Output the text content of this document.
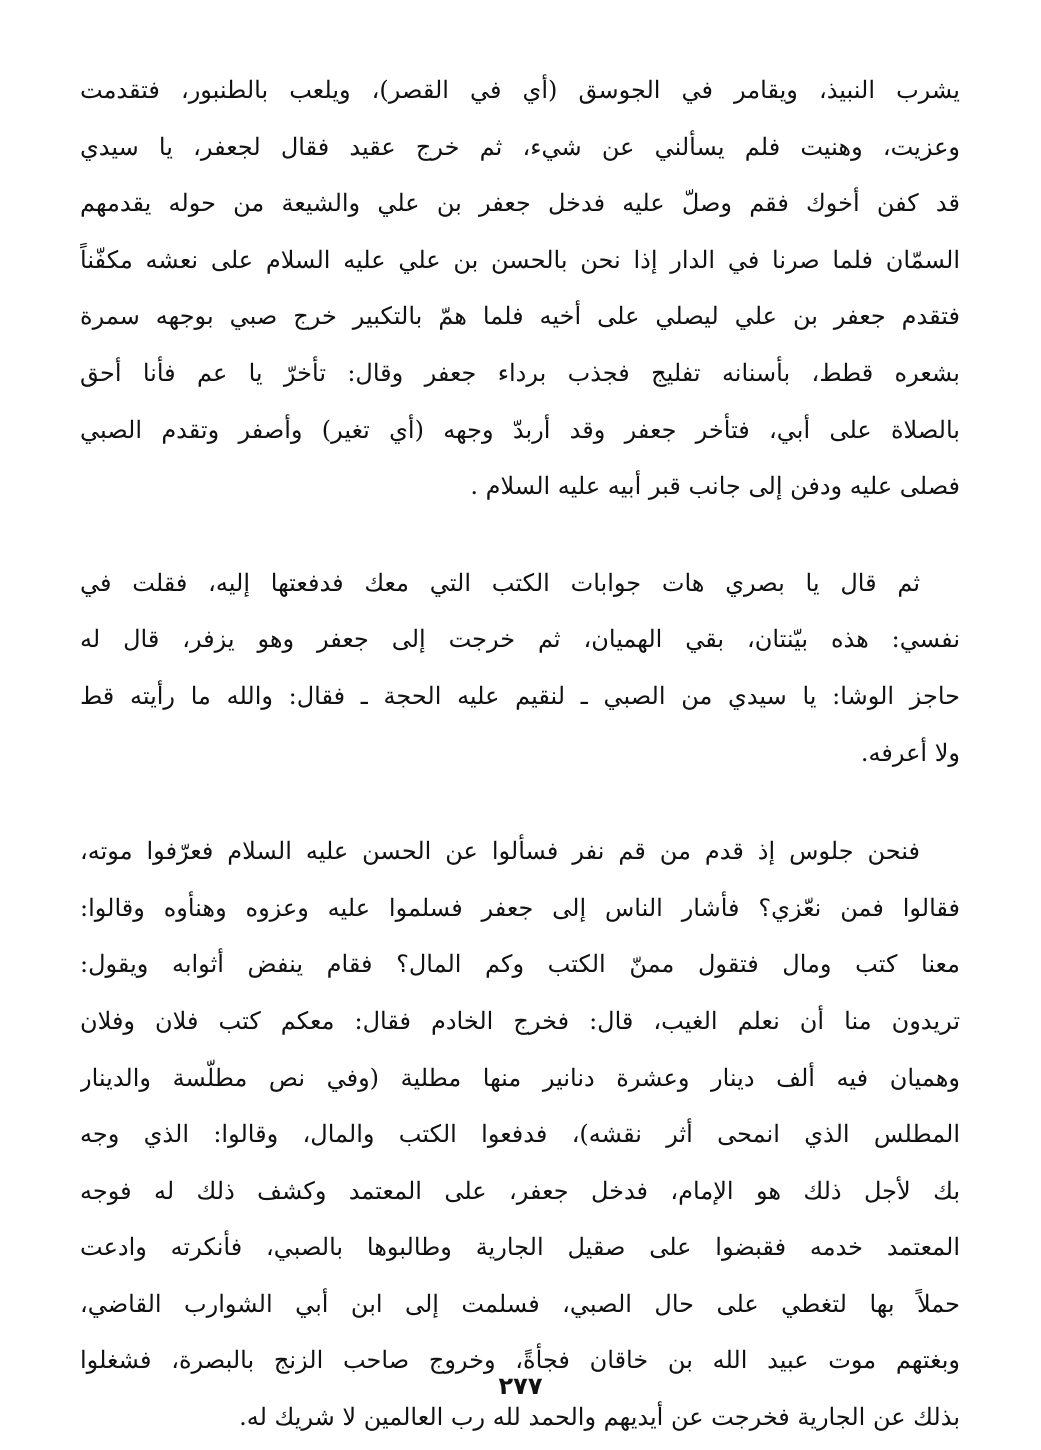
يشرب النبيذ، ويقامر في الجوسق (أي في القصر)، ويلعب بالطنبور، فتقدمت
وعزيت، وهنيت فلم يسألني عن شيء، ثم خرج عقيد فقال لجعفر، يا سيدي
قد كفن أخوك فقم وصلّ عليه فدخل جعفر بن علي والشيعة من حوله يقدمهم
السمّان فلما صرنا في الدار إذا نحن بالحسن بن علي عليه السلام على نعشه مكفّناً
فتقدم جعفر بن علي ليصلي على أخيه فلما همّ بالتكبير خرج صبي بوجهه سمرة
بشعره قطط، بأسنانه تفليج فجذب برداء جعفر وقال: تأخرّ يا عم فأنا أحق
بالصلاة على أبي، فتأخر جعفر وقد أربدّ وجهه (أي تغير) وأصفر وتقدم الصبي
فصلى عليه ودفن إلى جانب قبر أبيه عليه السلام .
ثم قال يا بصري هات جوابات الكتب التي معك فدفعتها إليه، فقلت في
نفسي: هذه بيّنتان، بقي الهميان، ثم خرجت إلى جعفر وهو يزفر، قال له
حاجز الوشا: يا سيدي من الصبي ـ لنقيم عليه الحجة ـ فقال: والله ما رأيته قط
ولا أعرفه.
فنحن جلوس إذ قدم من قم نفر فسألوا عن الحسن عليه السلام فعرّفوا موته،
فقالوا فمن نعّزي؟ فأشار الناس إلى جعفر فسلموا عليه وعزوه وهنأوه وقالوا:
معنا كتب ومال فتقول ممنّ الكتب وكم المال؟ فقام ينفض أثوابه ويقول:
تريدون منا أن نعلم الغيب، قال: فخرج الخادم فقال: معكم كتب فلان وفلان
وهميان فيه ألف دينار وعشرة دنانير منها مطلية (وفي نص مطلّسة والدينار
المطلس الذي انمحى أثر نقشه)، فدفعوا الكتب والمال، وقالوا: الذي وجه
بك لأجل ذلك هو الإمام، فدخل جعفر، على المعتمد وكشف ذلك له فوجه
المعتمد خدمه فقبضوا على صقيل الجارية وطالبوها بالصبي، فأنكرته وادعت
حملاً بها لتغطي على حال الصبي، فسلمت إلى ابن أبي الشوارب القاضي،
وبغتهم موت عبيد الله بن خاقان فجأةً، وخروج صاحب الزنج بالبصرة، فشغلوا
بذلك عن الجارية فخرجت عن أيديهم والحمد لله رب العالمين لا شريك له.
٢٧٧
